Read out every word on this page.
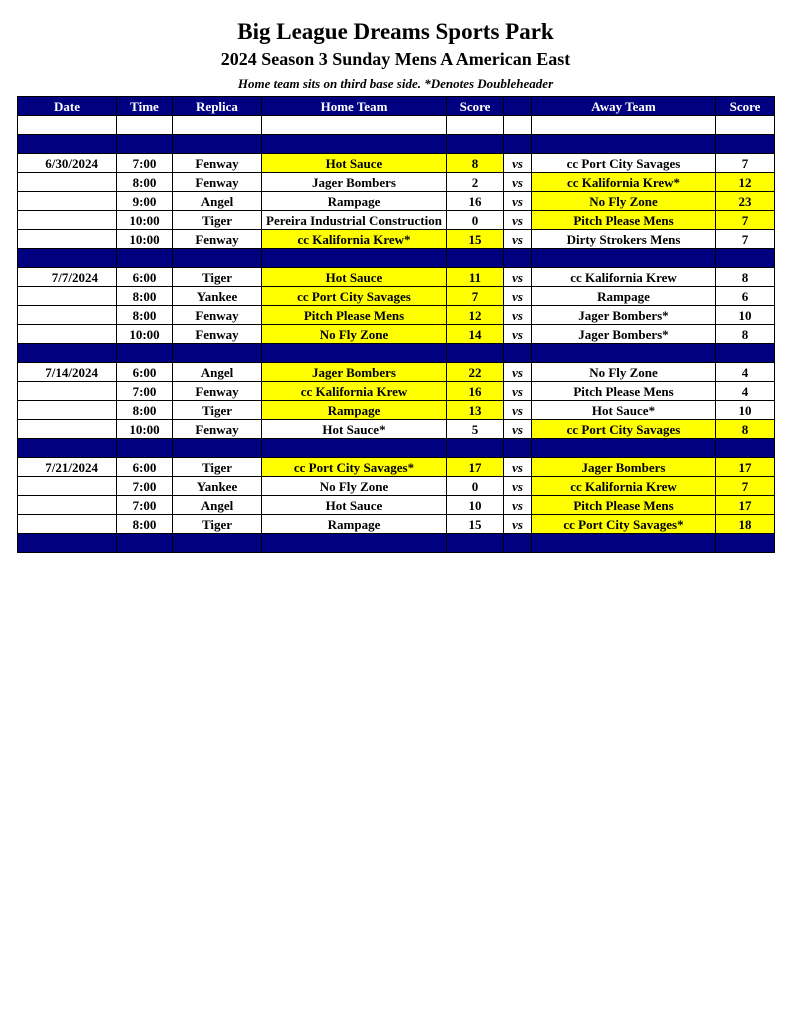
Big League Dreams Sports Park
2024 Season 3 Sunday Mens A American East
Home team sits on third base side. *Denotes Doubleheader
Date	Time	Replica	Home Team	Score		Away Team	Score

6/30/2024	7:00	Fenway	Hot Sauce	8	vs	cc Port City Savages	7
	8:00	Fenway	Jager Bombers	2	vs	cc Kalifornia Krew*	12
	9:00	Angel	Rampage	16	vs	No Fly Zone	23
	10:00	Tiger	Pereira Industrial Construction	0	vs	Pitch Please Mens	7
	10:00	Fenway	cc Kalifornia Krew*	15	vs	Dirty Strokers Mens	7

7/7/2024	6:00	Tiger	Hot Sauce	11	vs	cc Kalifornia Krew	8
	8:00	Yankee	cc Port City Savages	7	vs	Rampage	6
	8:00	Fenway	Pitch Please Mens	12	vs	Jager Bombers*	10
	10:00	Fenway	No Fly Zone	14	vs	Jager Bombers*	8

7/14/2024	6:00	Angel	Jager Bombers	22	vs	No Fly Zone	4
	7:00	Fenway	cc Kalifornia Krew	16	vs	Pitch Please Mens	4
	8:00	Tiger	Rampage	13	vs	Hot Sauce*	10
	10:00	Fenway	Hot Sauce*	5	vs	cc Port City Savages	8

7/21/2024	6:00	Tiger	cc Port City Savages*	17	vs	Jager Bombers	17
	7:00	Yankee	No Fly Zone	0	vs	cc Kalifornia Krew	7
	7:00	Angel	Hot Sauce	10	vs	Pitch Please Mens	17
	8:00	Tiger	Rampage	15	vs	cc Port City Savages*	18
